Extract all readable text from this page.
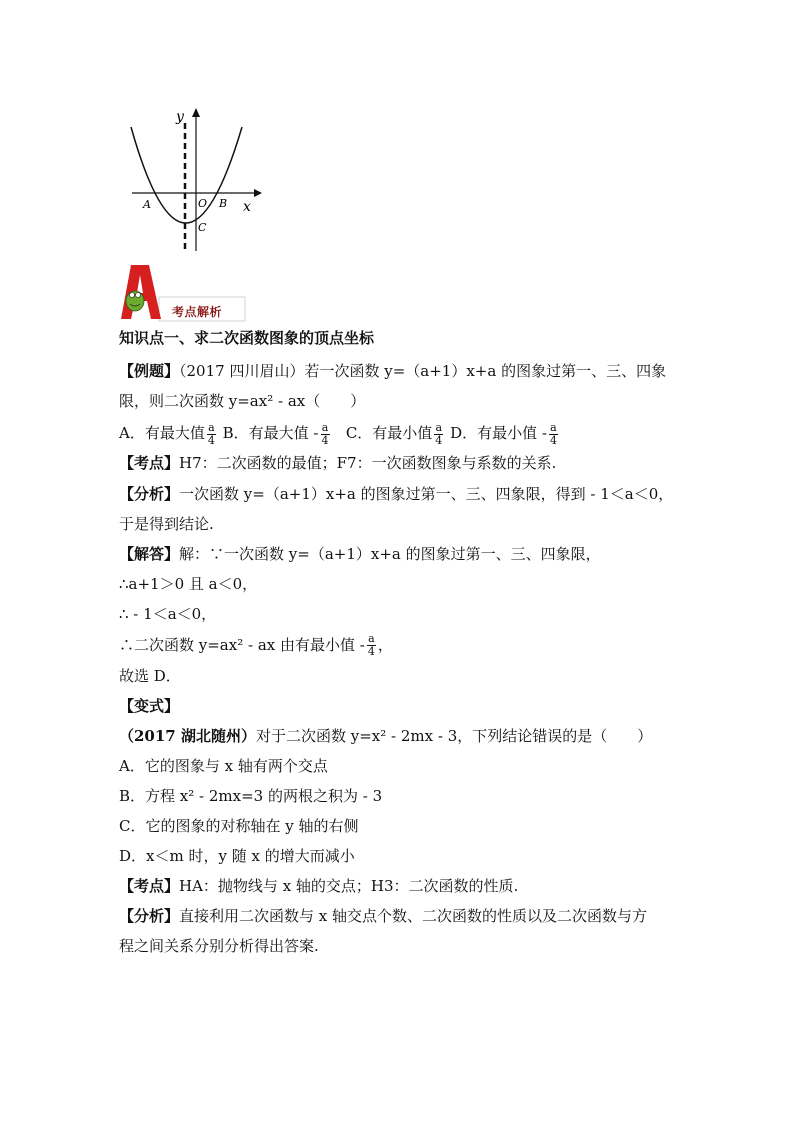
y
x
A	O B
C
考点解析

知识点一、求二次函数图象的顶点坐标

【例题】（2017 四川眉山）若一次函数 y=（a+1）x+a 的图象过第一、三、四象

限，则二次函数 y=ax² - ax（　　）

A．有最大值 $\frac{a}{4}$ B．有最大值 - $\frac{a}{4}$ C．有最小值 $\frac{a}{4}$ D．有最小值 - $\frac{a}{4}$

【考点】H7：二次函数的最值；F7：一次函数图象与系数的关系.

【分析】一次函数 y=（a+1）x+a 的图象过第一、三、四象限，得到 - 1＜a＜0，

于是得到结论.

【解答】解：∵一次函数 y=（a+1）x+a 的图象过第一、三、四象限，

∴a+1＞0 且 a＜0，

∴ - 1＜a＜0，

∴二次函数 y=ax² - ax 由有最小值 - $\frac{a}{4}$ ，

故选 D．

【变式】

（2017 湖北随州）对于二次函数 y=x² - 2mx - 3，下列结论错误的是（　　）

A．它的图象与 x 轴有两个交点

B．方程 x² - 2mx=3 的两根之积为 - 3

C．它的图象的对称轴在 y 轴的右侧

D．x＜m 时，y 随 x 的增大而减小

【考点】HA：抛物线与 x 轴的交点；H3：二次函数的性质.

【分析】直接利用二次函数与 x 轴交点个数、二次函数的性质以及二次函数与方

程之间关系分别分析得出答案.
